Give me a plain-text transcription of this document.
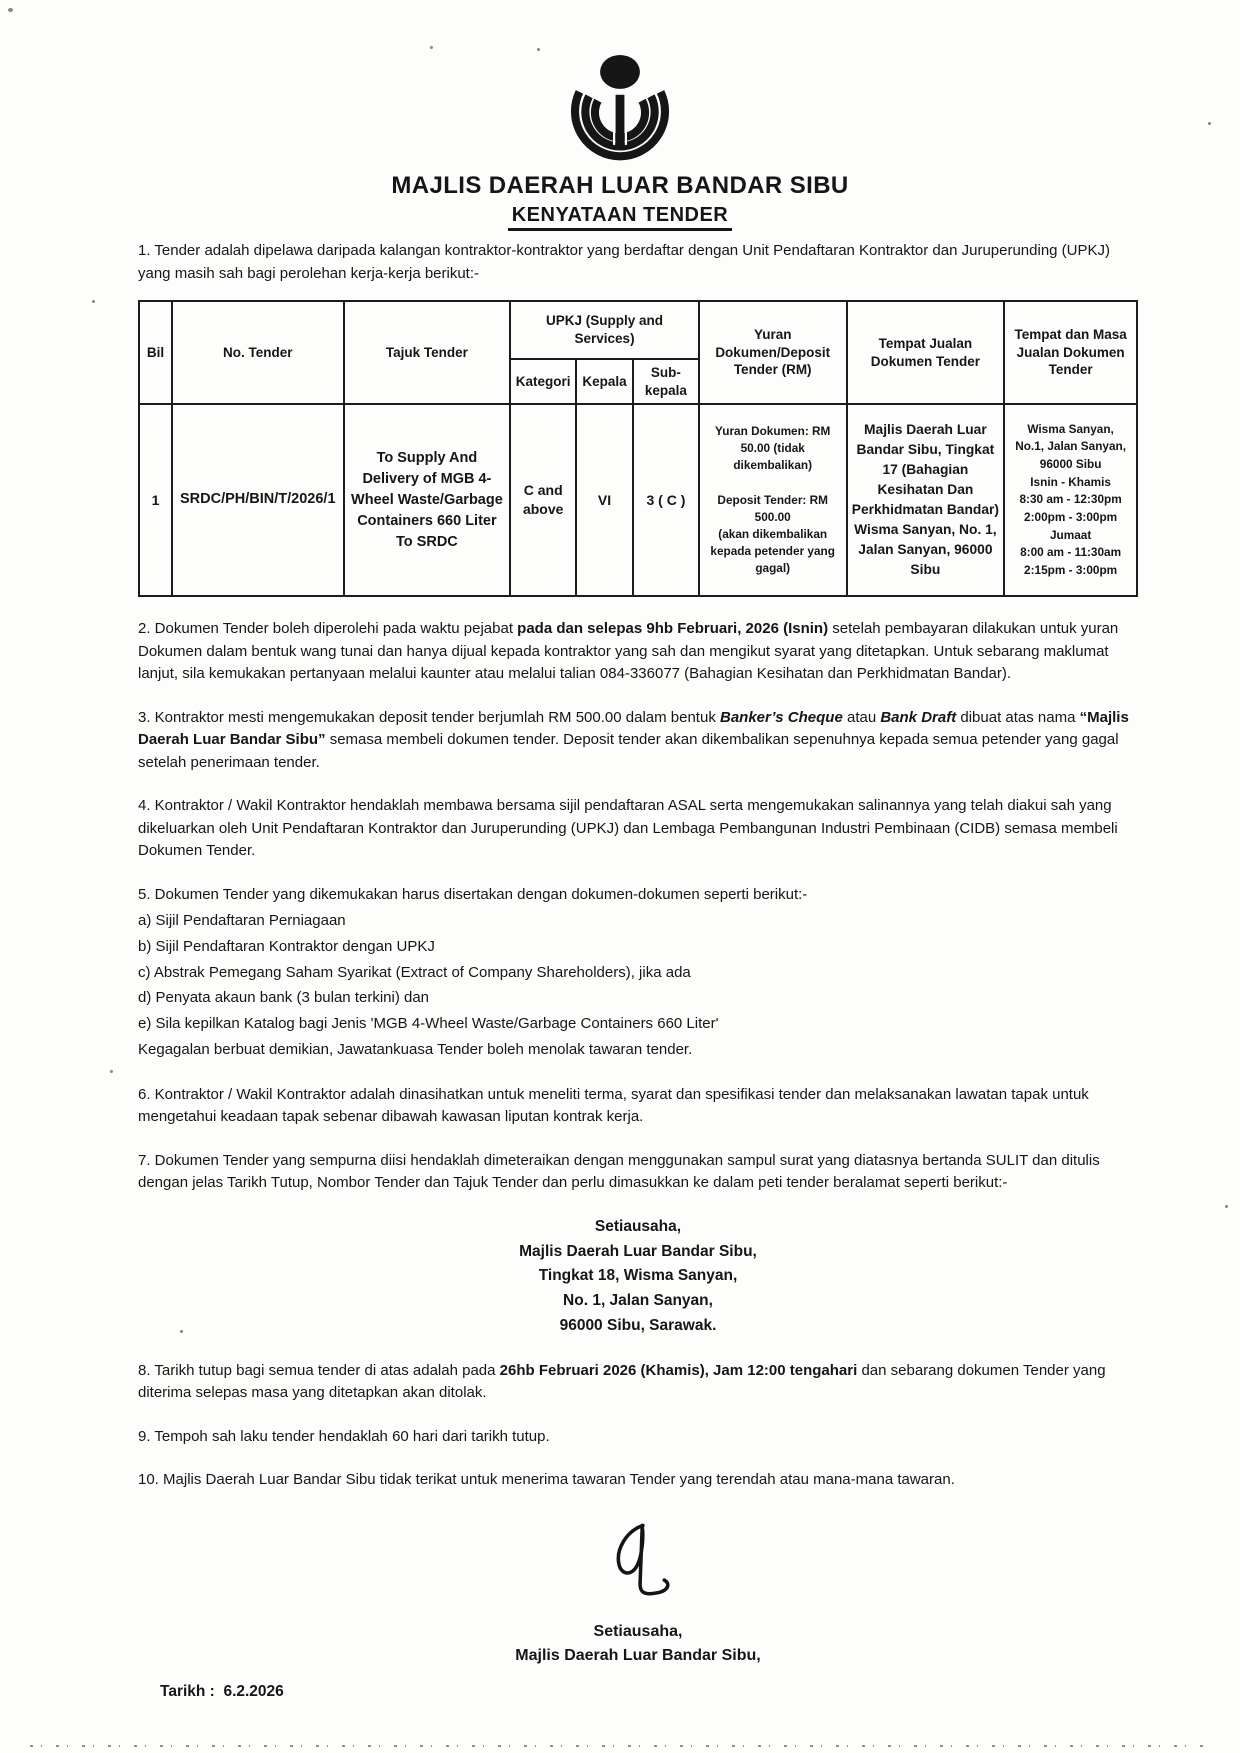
MAJLIS DAERAH LUAR BANDAR SIBU
KENYATAAN TENDER

1. Tender adalah dipelawa daripada kalangan kontraktor-kontraktor yang berdaftar dengan Unit Pendaftaran Kontraktor dan Juruperunding (UPKJ) yang masih sah bagi perolehan kerja-kerja berikut:-

Bil	No. Tender	Tajuk Tender	UPKJ (Supply and Services)			Yuran Dokumen/Deposit Tender (RM)	Tempat Jualan Dokumen Tender	Tempat dan Masa Jualan Dokumen Tender
			Kategori	Kepala	Sub-kepala			
1	SRDC/PH/BIN/T/2026/1	To Supply And Delivery of MGB 4-Wheel Waste/Garbage Containers 660 Liter To SRDC	C and above	VI	3 ( C )	Yuran Dokumen: RM 50.00 (tidak dikembalikan)

Deposit Tender: RM 500.00
(akan dikembalikan kepada petender yang gagal)	Majlis Daerah Luar Bandar Sibu, Tingkat 17 (Bahagian Kesihatan Dan Perkhidmatan Bandar) Wisma Sanyan, No. 1, Jalan Sanyan, 96000 Sibu	Wisma Sanyan,
No.1, Jalan Sanyan,
96000 Sibu
Isnin - Khamis
8:30 am - 12:30pm
2:00pm - 3:00pm
Jumaat
8:00 am - 11:30am
2:15pm - 3:00pm

2. Dokumen Tender boleh diperolehi pada waktu pejabat pada dan selepas 9hb Februari, 2026 (Isnin) setelah pembayaran dilakukan untuk yuran Dokumen dalam bentuk wang tunai dan hanya dijual kepada kontraktor yang sah dan mengikut syarat yang ditetapkan. Untuk sebarang maklumat lanjut, sila kemukakan pertanyaan melalui kaunter atau melalui talian 084-336077 (Bahagian Kesihatan dan Perkhidmatan Bandar).

3. Kontraktor mesti mengemukakan deposit tender berjumlah RM 500.00 dalam bentuk Banker’s Cheque atau Bank Draft dibuat atas nama “Majlis Daerah Luar Bandar Sibu” semasa membeli dokumen tender. Deposit tender akan dikembalikan sepenuhnya kepada semua petender yang gagal setelah penerimaan tender.

4. Kontraktor / Wakil Kontraktor hendaklah membawa bersama sijil pendaftaran ASAL serta mengemukakan salinannya yang telah diakui sah yang dikeluarkan oleh Unit Pendaftaran Kontraktor dan Juruperunding (UPKJ) dan Lembaga Pembangunan Industri Pembinaan (CIDB) semasa membeli Dokumen Tender.

5. Dokumen Tender yang dikemukakan harus disertakan dengan dokumen-dokumen seperti berikut:-

a) Sijil Pendaftaran Perniagaan
b) Sijil Pendaftaran Kontraktor dengan UPKJ
c) Abstrak Pemegang Saham Syarikat (Extract of Company Shareholders), jika ada
d) Penyata akaun bank (3 bulan terkini) dan
e) Sila kepilkan Katalog bagi Jenis 'MGB 4-Wheel Waste/Garbage Containers 660 Liter'
Kegagalan berbuat demikian, Jawatankuasa Tender boleh menolak tawaran tender.

6. Kontraktor / Wakil Kontraktor adalah dinasihatkan untuk meneliti terma, syarat dan spesifikasi tender dan melaksanakan lawatan tapak untuk mengetahui keadaan tapak sebenar dibawah kawasan liputan kontrak kerja.

7. Dokumen Tender yang sempurna diisi hendaklah dimeteraikan dengan menggunakan sampul surat yang diatasnya bertanda SULIT dan ditulis dengan jelas Tarikh Tutup, Nombor Tender dan Tajuk Tender dan perlu dimasukkan ke dalam peti tender beralamat seperti berikut:-

Setiausaha,
Majlis Daerah Luar Bandar Sibu,
Tingkat 18, Wisma Sanyan,
No. 1, Jalan Sanyan,
96000 Sibu, Sarawak.

8. Tarikh tutup bagi semua tender di atas adalah pada 26hb Februari 2026 (Khamis), Jam 12:00 tengahari dan sebarang dokumen Tender yang diterima selepas masa yang ditetapkan akan ditolak.

9. Tempoh sah laku tender hendaklah 60 hari dari tarikh tutup.

10. Majlis Daerah Luar Bandar Sibu tidak terikat untuk menerima tawaran Tender yang terendah atau mana-mana tawaran.

Setiausaha,
Majlis Daerah Luar Bandar Sibu,
Tarikh :  6.2.2026
